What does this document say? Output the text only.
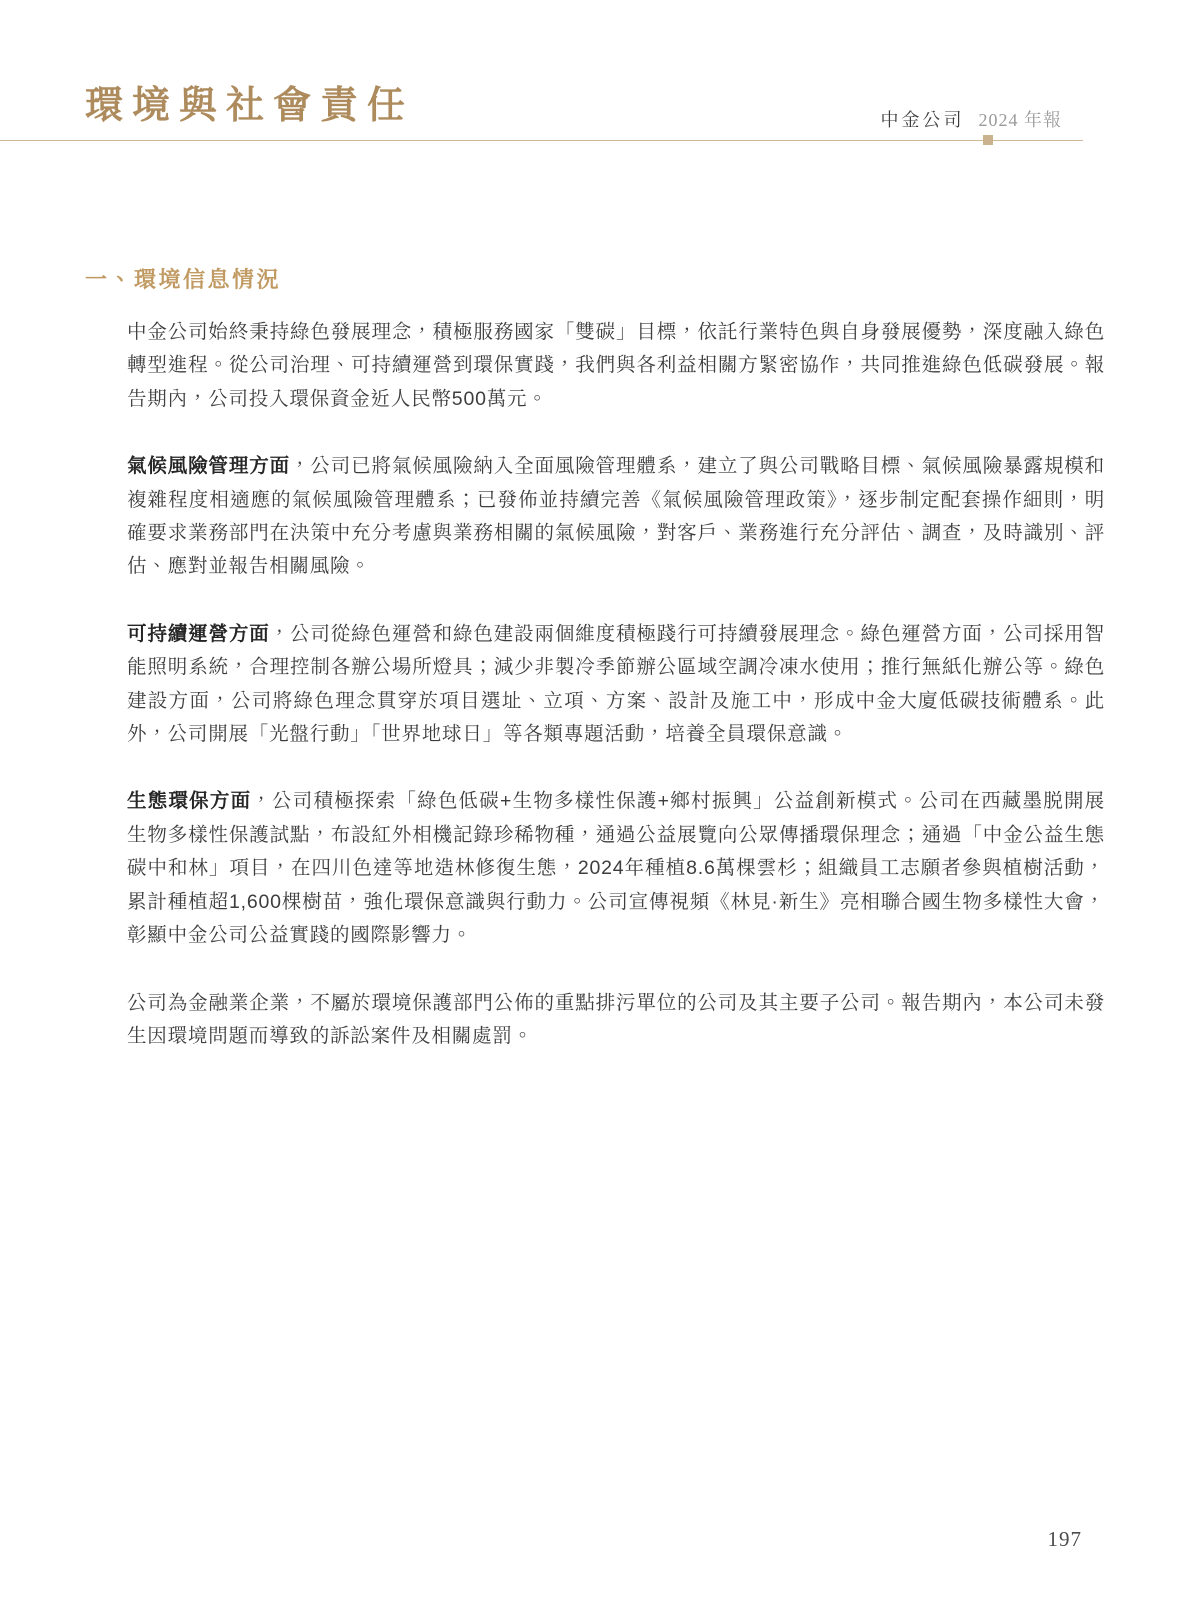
環境與社會責任	中金公司 2024 年報
一、環境信息情況

中金公司始終秉持綠色發展理念，積極服務國家「雙碳」目標，依託行業特色與自身發展優勢，深度融入綠色轉型進程。從公司治理、可持續運營到環保實踐，我們與各利益相關方緊密協作，共同推進綠色低碳發展。報告期內，公司投入環保資金近人民幣500萬元。

氣候風險管理方面，公司已將氣候風險納入全面風險管理體系，建立了與公司戰略目標、氣候風險暴露規模和複雜程度相適應的氣候風險管理體系；已發佈並持續完善《氣候風險管理政策》，逐步制定配套操作細則，明確要求業務部門在決策中充分考慮與業務相關的氣候風險，對客戶、業務進行充分評估、調查，及時識別、評估、應對並報告相關風險。

可持續運營方面，公司從綠色運營和綠色建設兩個維度積極踐行可持續發展理念。綠色運營方面，公司採用智能照明系統，合理控制各辦公場所燈具；減少非製冷季節辦公區域空調冷凍水使用；推行無紙化辦公等。綠色建設方面，公司將綠色理念貫穿於項目選址、立項、方案、設計及施工中，形成中金大廈低碳技術體系。此外，公司開展「光盤行動」「世界地球日」等各類專題活動，培養全員環保意識。

生態環保方面，公司積極探索「綠色低碳+生物多樣性保護+鄉村振興」公益創新模式。公司在西藏墨脱開展生物多樣性保護試點，布設紅外相機記錄珍稀物種，通過公益展覽向公眾傳播環保理念；通過「中金公益生態碳中和林」項目，在四川色達等地造林修復生態，2024年種植8.6萬棵雲杉；組織員工志願者參與植樹活動，累計種植超1,600棵樹苗，強化環保意識與行動力。公司宣傳視頻《林見·新生》亮相聯合國生物多樣性大會，彰顯中金公司公益實踐的國際影響力。

公司為金融業企業，不屬於環境保護部門公佈的重點排污單位的公司及其主要子公司。報告期內，本公司未發生因環境問題而導致的訴訟案件及相關處罰。

197
